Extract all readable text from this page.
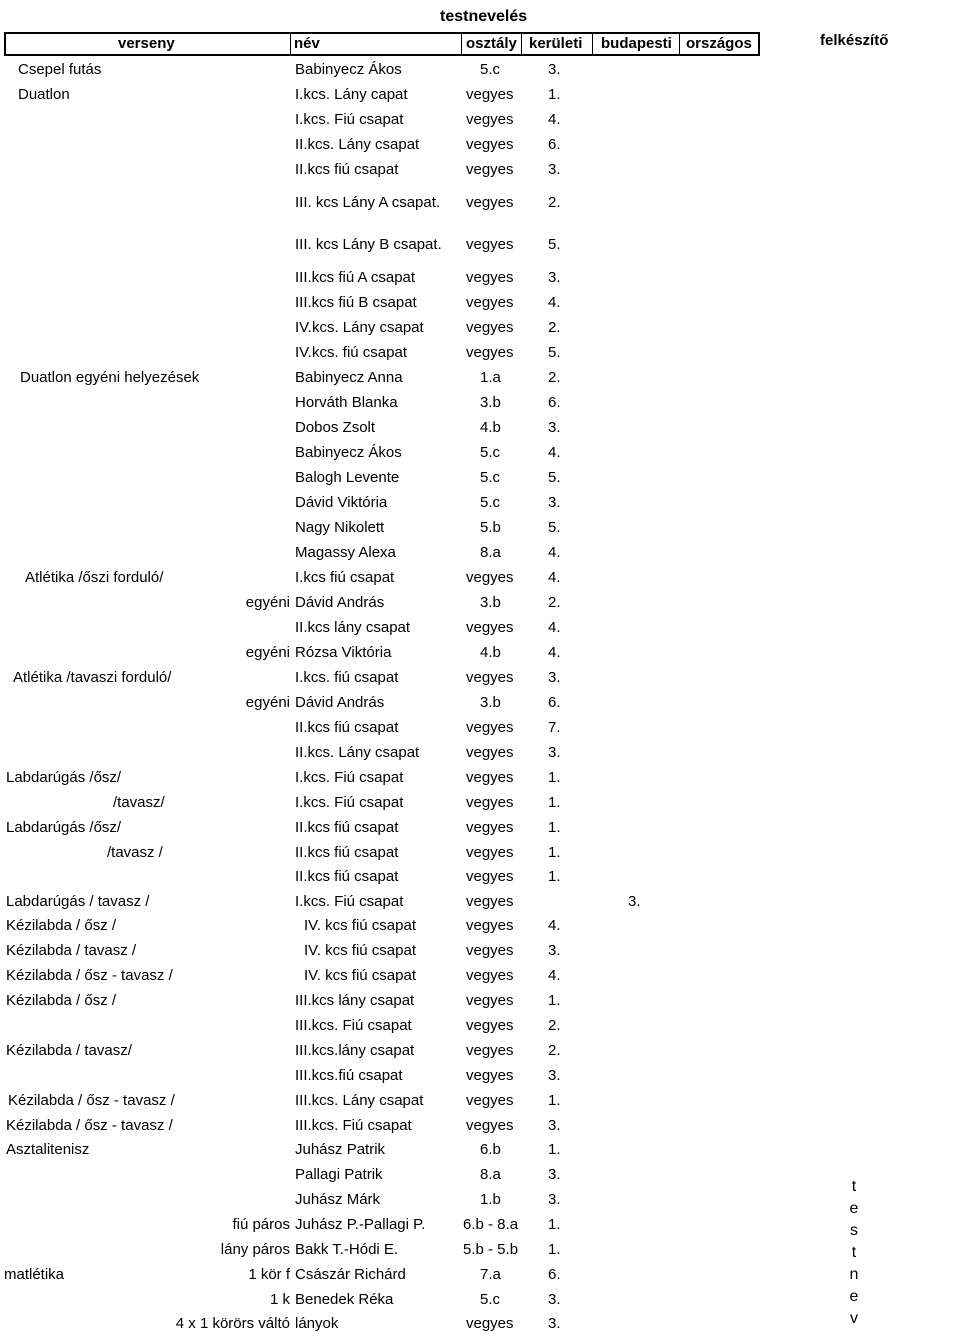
testnevelés
verseny	név	osztály kerületi budapesti országos	felkészítő
Csepel futás	Babinyecz Ákos	5.c	3.
Duatlon	I.kcs. Lány capat	vegyes 1.
I.kcs. Fiú csapat	vegyes 4.
II.kcs. Lány csapat	vegyes 6.
II.kcs fiú csapat	vegyes 3.
III. kcs Lány A csapat. vegyes 2.
III. kcs Lány B csapat. vegyes 5.
III.kcs fiú A csapat	vegyes 3.
III.kcs fiú B csapat	vegyes 4.
IV.kcs. Lány csapat	vegyes 2.
IV.kcs. fiú csapat	vegyes 5.
Duatlon egyéni helyezések	Babinyecz Anna	1.a	2.
Horváth Blanka	3.b	6.
Dobos Zsolt	4.b	3.
Babinyecz Ákos	5.c	4.
Balogh Levente	5.c	5.
Dávid Viktória	5.c	3.
Nagy Nikolett	5.b	5.
Magassy Alexa	8.a	4.
Atlétika /őszi forduló/	I.kcs fiú csapat	vegyes 4.
egyéni Dávid András	3.b	2.
II.kcs lány csapat	vegyes 4.
egyéni Rózsa Viktória	4.b	4.
Atlétika /tavaszi forduló/	I.kcs. fiú csapat	vegyes 3.
egyéni Dávid András	3.b	6.
II.kcs fiú csapat	vegyes 7.
II.kcs. Lány csapat	vegyes 3.
Labdarúgás /ősz/	I.kcs. Fiú csapat	vegyes 1.
/tavasz/	I.kcs. Fiú csapat	vegyes 1.
Labdarúgás /ősz/	II.kcs fiú csapat	vegyes 1.
/tavasz /	II.kcs fiú csapat	vegyes 1.
II.kcs fiú csapat	vegyes 1.
Labdarúgás / tavasz /	I.kcs. Fiú csapat	vegyes	3.
Kézilabda / ősz /	IV. kcs fiú csapat	vegyes 4.
Kézilabda / tavasz /	IV. kcs fiú csapat	vegyes 3.
Kézilabda / ősz - tavasz /	IV. kcs fiú csapat	vegyes 4.
Kézilabda / ősz /	III.kcs lány csapat	vegyes 1.
III.kcs. Fiú csapat	vegyes 2.
Kézilabda / tavasz/	III.kcs.lány csapat	vegyes 2.
III.kcs.fiú csapat	vegyes 3.
Kézilabda / ősz - tavasz /	III.kcs. Lány csapat	vegyes 1.
Kézilabda / ősz - tavasz /	III.kcs. Fiú csapat	vegyes 3.
Asztalitenisz	Juhász Patrik	6.b	1.
Pallagi Patrik	8.a	3.
Juhász Márk	1.b	3.
fiú páros Juhász P.-Pallagi P.	6.b - 8.a 1.
lány páros Bakk T.-Hódi E.	5.b - 5.b 1.
matlétika	1 kör f Császár Richárd	7.a	6.
1 k Benedek Réka	5.c	3.
4 x 1 körörs váltó lányok	vegyes 3.
t
e
s
t
n
e
v
